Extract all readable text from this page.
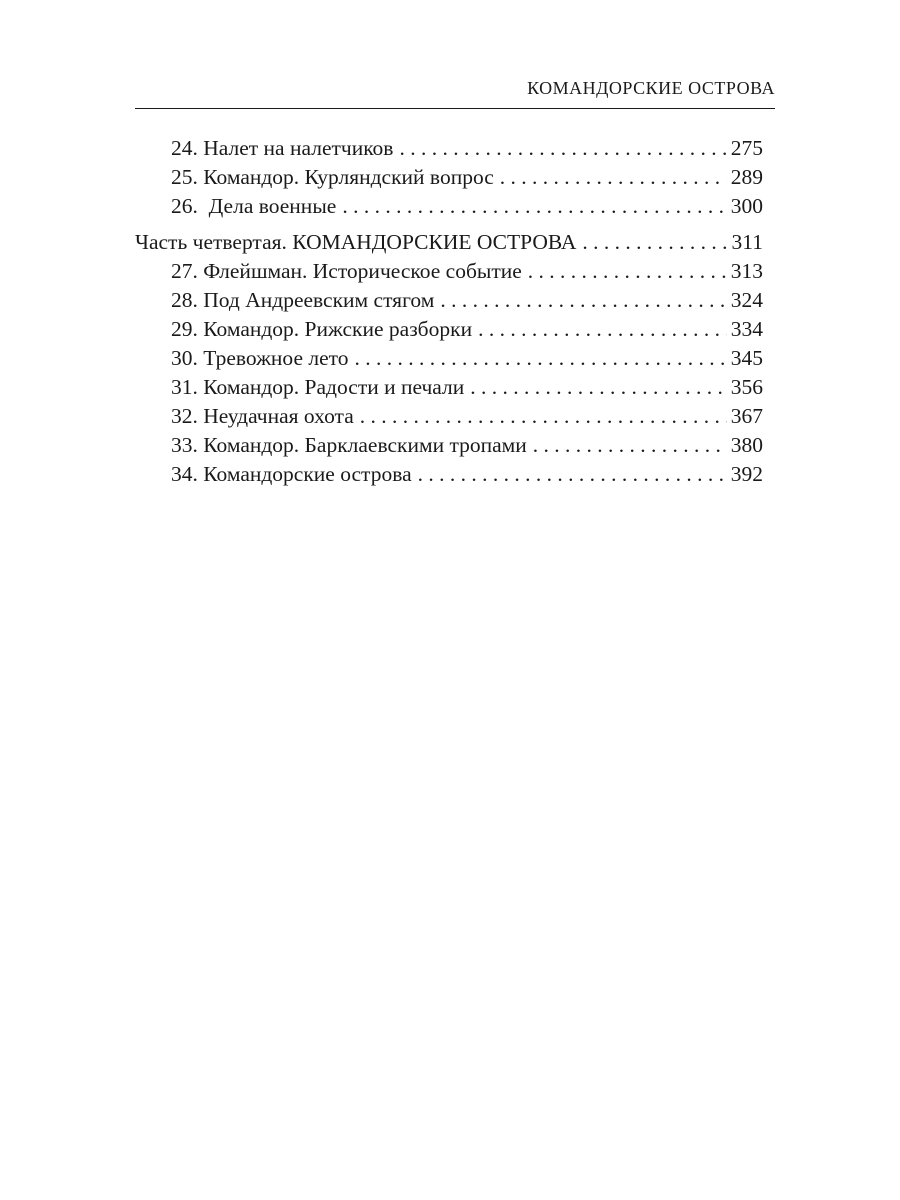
КОМАНДОРСКИЕ ОСТРОВА
24. Налет на налетчиков . . .	275
25. Командор. Курляндский вопрос . . .	289
26.  Дела военные . . .	300
Часть четвертая. КОМАНДОРСКИЕ ОСТРОВА . . .	311
27. Флейшман. Историческое событие . . .	313
28. Под Андреевским стягом . . .	324
29. Командор. Рижские разборки . . .	334
30. Тревожное лето . . .	345
31. Командор. Радости и печали . . .	356
32. Неудачная охота . . .	367
33. Командор. Барклаевскими тропами . . .	380
34. Командорские острова . . .	392
